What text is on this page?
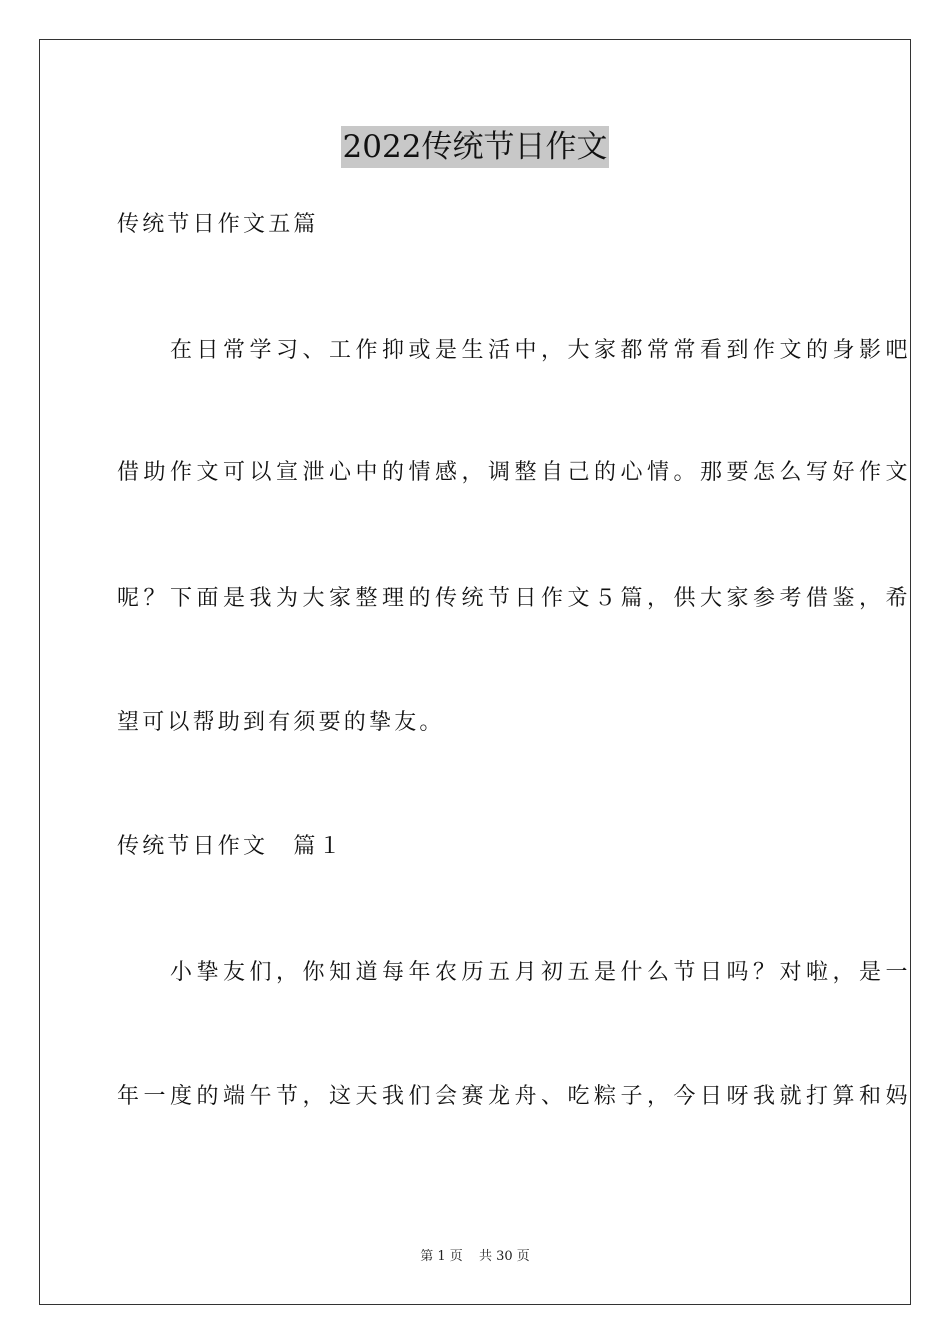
2022传统节日作文
传统节日作文五篇
　　在日常学习、工作抑或是生活中，大家都常常看到作文的身影吧
借助作文可以宣泄心中的情感，调整自己的心情。那要怎么写好作文
呢？下面是我为大家整理的传统节日作文５篇，供大家参考借鉴，希
望可以帮助到有须要的挚友。
传统节日作文　篇１
　　小挚友们，你知道每年农历五月初五是什么节日吗？对啦，是一
年一度的端午节，这天我们会赛龙舟、吃粽子，今日呀我就打算和妈
第 1 页 共 30 页
